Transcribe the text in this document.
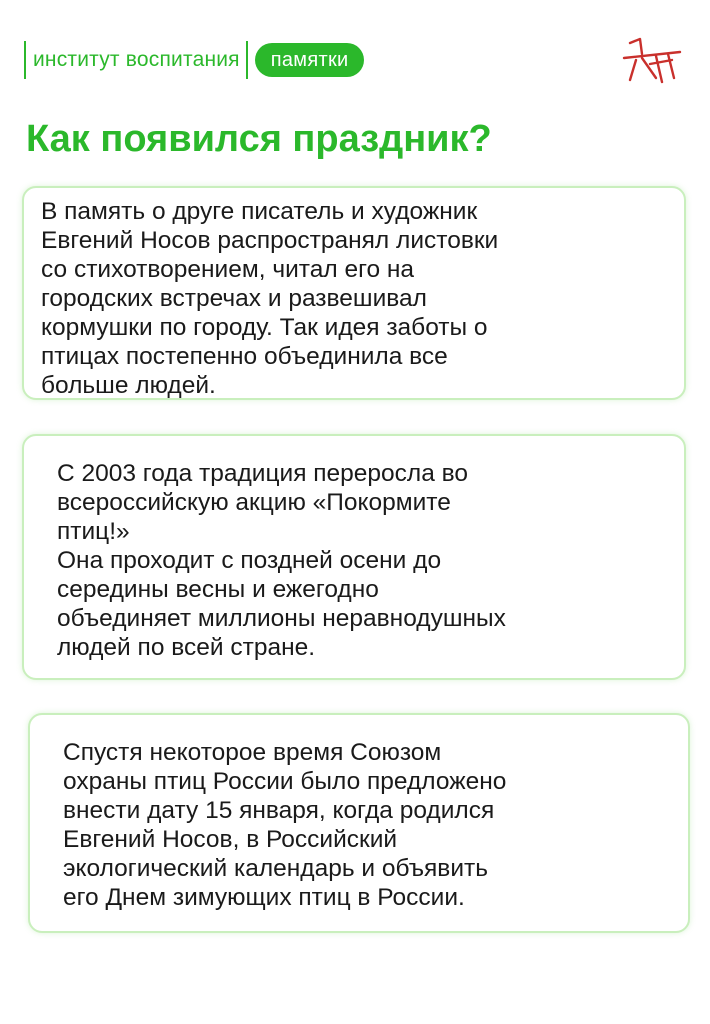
институт воспитания	памятки
Как появился праздник?

В память о друге писатель и художник
Евгений Носов распространял листовки
со стихотворением, читал его на
городских встречах и развешивал
кормушки по городу. Так идея заботы о
птицах постепенно объединила все
больше людей.

С 2003 года традиция переросла во
всероссийскую акцию «Покормите
птиц!»
Она проходит с поздней осени до
середины весны и ежегодно
объединяет миллионы неравнодушных
людей по всей стране.

Спустя некоторое время Союзом
охраны птиц России было предложено
внести дату 15 января, когда родился
Евгений Носов, в Российский
экологический календарь и объявить
его Днем зимующих птиц в России.
